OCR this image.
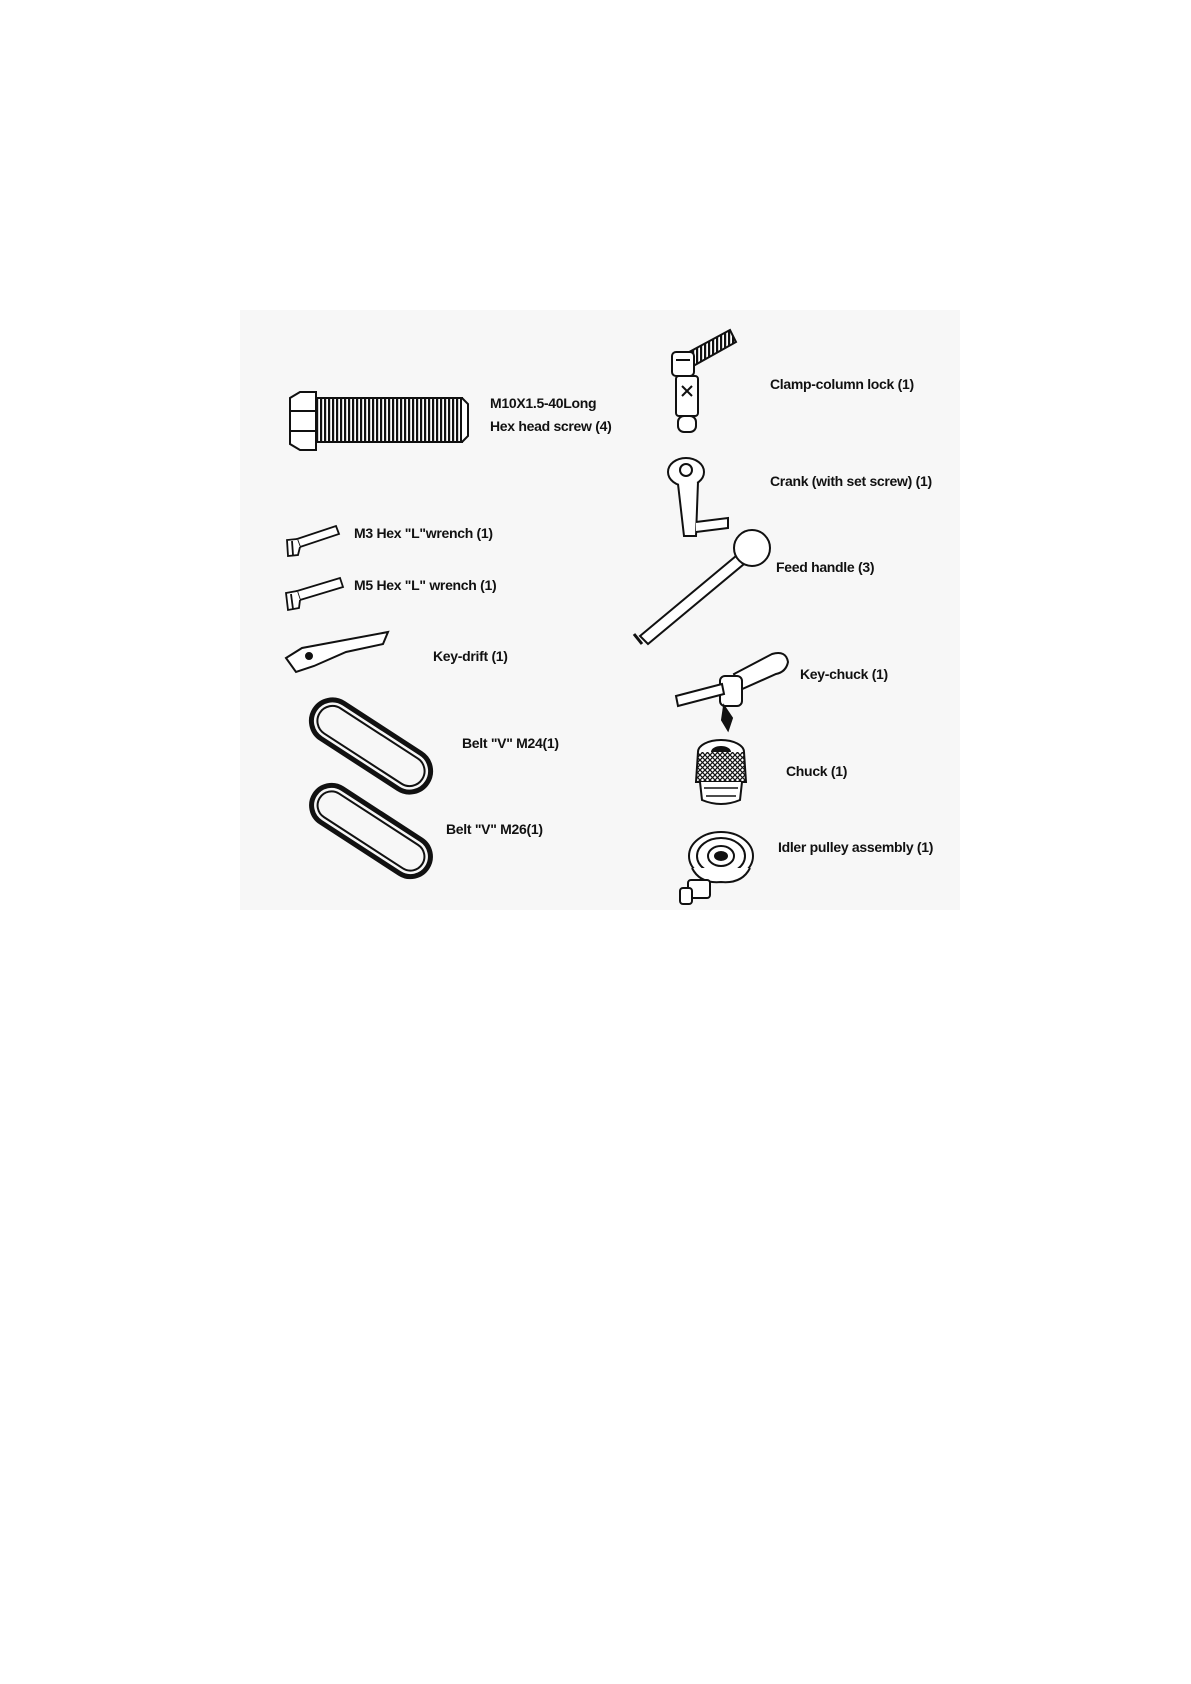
M10X1.5-40Long
Hex head screw (4)
M3 Hex "L"wrench (1)
M5 Hex "L" wrench (1)
Key-drift (1)
Belt "V" M24(1)
Belt "V" M26(1)
Clamp-column lock (1)
Crank (with set screw) (1)
Feed handle (3)
Key-chuck (1)
Chuck (1)
Idler pulley assembly (1)
